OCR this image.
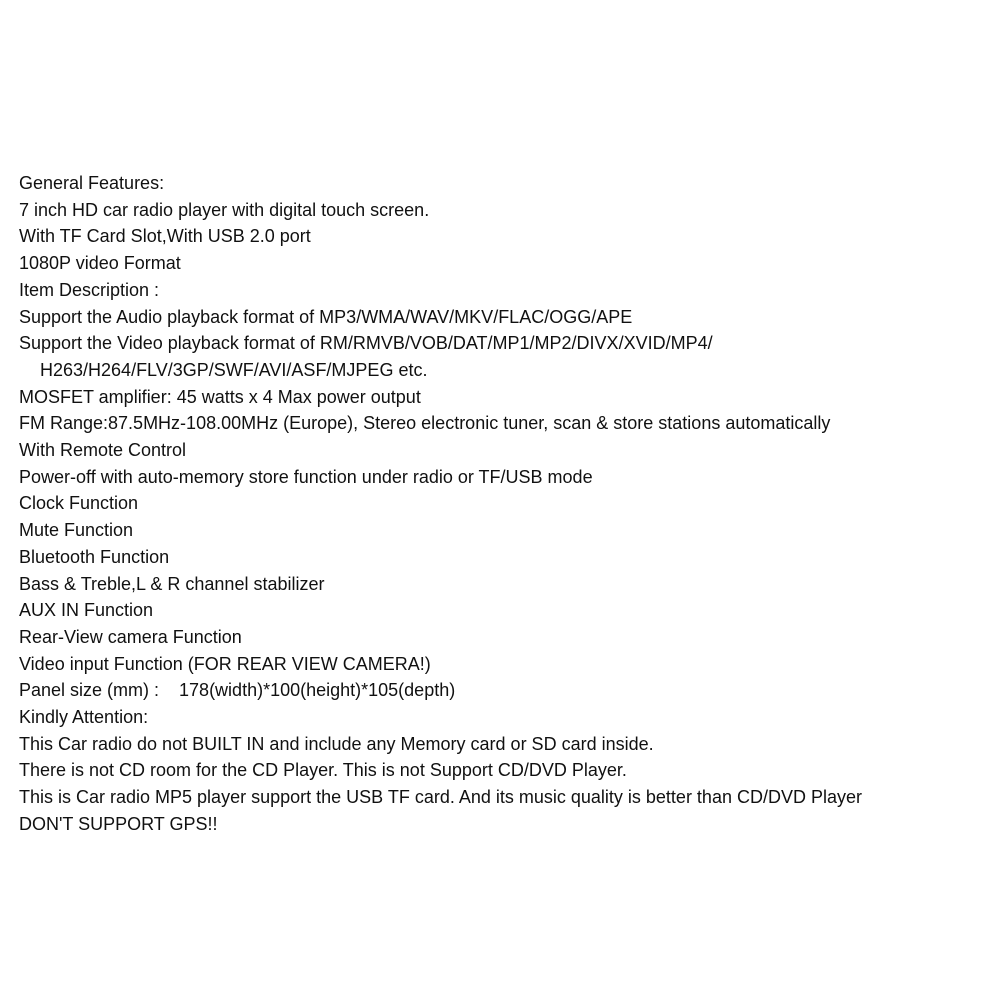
General Features:
7 inch HD car radio player with digital touch screen.
With TF Card Slot,With USB 2.0 port
1080P video Format
Item Description :
Support the Audio playback format of MP3/WMA/WAV/MKV/FLAC/OGG/APE
Support the Video playback format of RM/RMVB/VOB/DAT/MP1/MP2/DIVX/XVID/MP4/
H263/H264/FLV/3GP/SWF/AVI/ASF/MJPEG etc.
MOSFET amplifier: 45 watts x 4 Max power output
FM Range:87.5MHz-108.00MHz (Europe), Stereo electronic tuner, scan & store stations automatically
With Remote Control
Power-off with auto-memory store function under radio or TF/USB mode
Clock Function
Mute Function
Bluetooth Function
Bass & Treble,L & R channel stabilizer
AUX IN Function
Rear-View camera Function
Video input Function (FOR REAR VIEW CAMERA!)
Panel size (mm) :    178(width)*100(height)*105(depth)
Kindly Attention:
This Car radio do not BUILT IN and include any Memory card or SD card inside.
There is not CD room for the CD Player. This is not Support CD/DVD Player.
This is Car radio MP5 player support the USB TF card. And its music quality is better than CD/DVD Player
DON'T SUPPORT GPS!!
